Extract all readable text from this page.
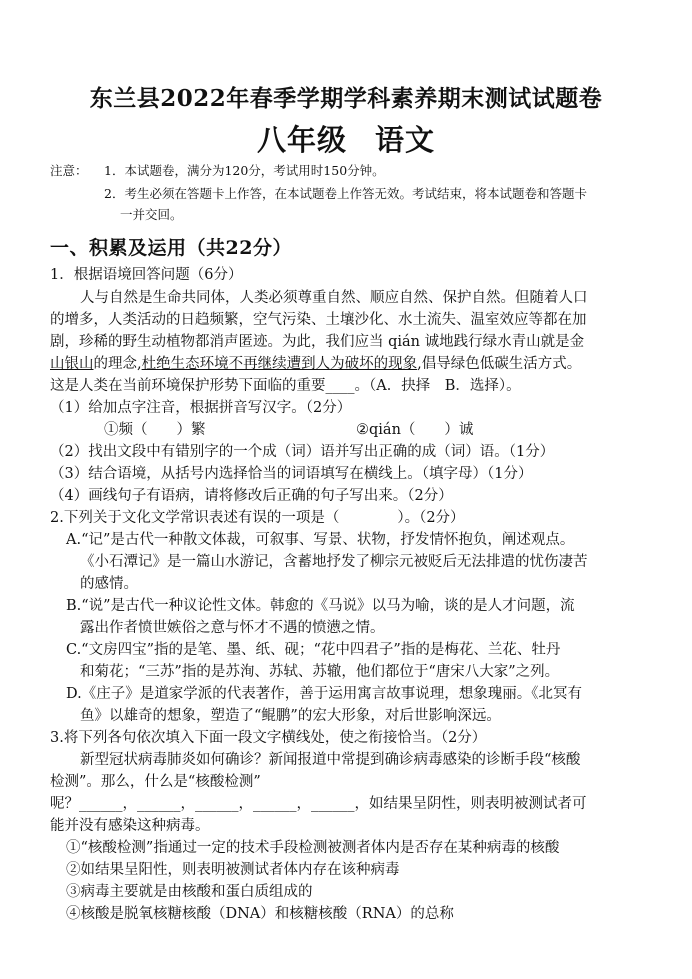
东兰县2022年春季学期学科素养期末测试试题卷
八年级 语文
注意： 1．本试题卷，满分为120分，考试用时150分钟。
2．考生必须在答题卡上作答，在本试题卷上作答无效。考试结束，将本试题卷和答题卡
一并交回。
一、积累及运用（共22分）
1．根据语境回答问题（6分）
人与自然是生命共同体，人类必须尊重自然、顺应自然、保护自然。但随着人口
的增多，人类活动的日趋频繁，空气污染、土壤沙化、水土流失、温室效应等都在加
剧，珍稀的野生动植物都消声匿迹。为此，我们应当 qián 诚地践行绿水青山就是金
山银山的理念,杜绝生态环境不再继续遭到人为破坏的现象,倡导绿色低碳生活方式。
这是人类在当前环境保护形势下面临的重要____。（A．抉择　B．选择）。
（1）给加点字注音，根据拼音写汉字。（2分）
①频（　　）繁	②qián（　　）诚
（2）找出文段中有错别字的一个成（词）语并写出正确的成（词）语。（1分）
（3）结合语境，从括号内选择恰当的词语填写在横线上。（填字母）（1分）
（4）画线句子有语病，请将修改后正确的句子写出来。（2分）
2.下列关于文化文学常识表述有误的一项是（　　　　）。（2分）
A.“记”是古代一种散文体裁，可叙事、写景、状物，抒发情怀抱负，阐述观点。
《小石潭记》是一篇山水游记，含蓄地抒发了柳宗元被贬后无法排遣的忧伤凄苦
的感情。
B.“说”是古代一种议论性文体。韩愈的《马说》以马为喻，谈的是人才问题，流
露出作者愤世嫉俗之意与怀才不遇的愤懑之情。
C.“文房四宝”指的是笔、墨、纸、砚；“花中四君子”指的是梅花、兰花、牡丹
和菊花；“三苏”指的是苏洵、苏轼、苏辙，他们都位于“唐宋八大家”之列。
D.《庄子》是道家学派的代表著作，善于运用寓言故事说理，想象瑰丽。《北冥有
鱼》以雄奇的想象，塑造了“鲲鹏”的宏大形象，对后世影响深远。
3.将下列各句依次填入下面一段文字横线处，使之衔接恰当。（2分）
新型冠状病毒肺炎如何确诊？新闻报道中常提到确诊病毒感染的诊断手段“核酸
检测”。那么，什么是“核酸检测”
呢？______，______，______，______，______，如结果呈阴性，则表明被测试者可
能并没有感染这种病毒。
①“核酸检测”指通过一定的技术手段检测被测者体内是否存在某种病毒的核酸
②如结果呈阳性，则表明被测试者体内存在该种病毒
③病毒主要就是由核酸和蛋白质组成的
④核酸是脱氧核糖核酸（DNA）和核糖核酸（RNA）的总称
